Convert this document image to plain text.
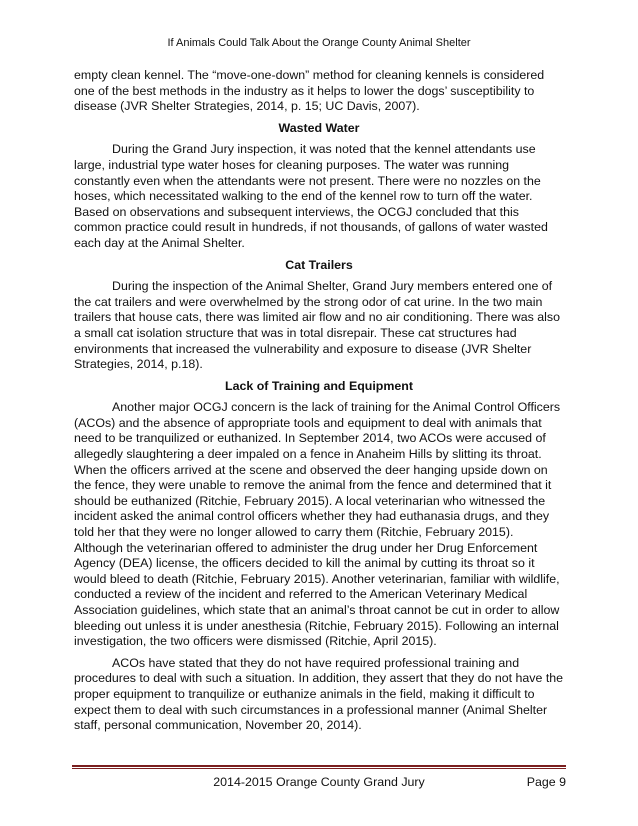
If Animals Could Talk About the Orange County Animal Shelter

empty clean kennel. The “move-one-down” method for cleaning kennels is considered one of the best methods in the industry as it helps to lower the dogs’ susceptibility to disease (JVR Shelter Strategies, 2014, p. 15; UC Davis, 2007).

Wasted Water

During the Grand Jury inspection, it was noted that the kennel attendants use large, industrial type water hoses for cleaning purposes. The water was running constantly even when the attendants were not present. There were no nozzles on the hoses, which necessitated walking to the end of the kennel row to turn off the water. Based on observations and subsequent interviews, the OCGJ concluded that this common practice could result in hundreds, if not thousands, of gallons of water wasted each day at the Animal Shelter.

Cat Trailers

During the inspection of the Animal Shelter, Grand Jury members entered one of the cat trailers and were overwhelmed by the strong odor of cat urine. In the two main trailers that house cats, there was limited air flow and no air conditioning. There was also a small cat isolation structure that was in total disrepair. These cat structures had environments that increased the vulnerability and exposure to disease (JVR Shelter Strategies, 2014, p.18).

Lack of Training and Equipment

Another major OCGJ concern is the lack of training for the Animal Control Officers (ACOs) and the absence of appropriate tools and equipment to deal with animals that need to be tranquilized or euthanized. In September 2014, two ACOs were accused of allegedly slaughtering a deer impaled on a fence in Anaheim Hills by slitting its throat. When the officers arrived at the scene and observed the deer hanging upside down on the fence, they were unable to remove the animal from the fence and determined that it should be euthanized (Ritchie, February 2015). A local veterinarian who witnessed the incident asked the animal control officers whether they had euthanasia drugs, and they told her that they were no longer allowed to carry them (Ritchie, February 2015). Although the veterinarian offered to administer the drug under her Drug Enforcement Agency (DEA) license, the officers decided to kill the animal by cutting its throat so it would bleed to death (Ritchie, February 2015). Another veterinarian, familiar with wildlife, conducted a review of the incident and referred to the American Veterinary Medical Association guidelines, which state that an animal’s throat cannot be cut in order to allow bleeding out unless it is under anesthesia (Ritchie, February 2015). Following an internal investigation, the two officers were dismissed (Ritchie, April 2015).

ACOs have stated that they do not have required professional training and procedures to deal with such a situation. In addition, they assert that they do not have the proper equipment to tranquilize or euthanize animals in the field, making it difficult to expect them to deal with such circumstances in a professional manner (Animal Shelter staff, personal communication, November 20, 2014).

2014-2015 Orange County Grand Jury	Page 9
